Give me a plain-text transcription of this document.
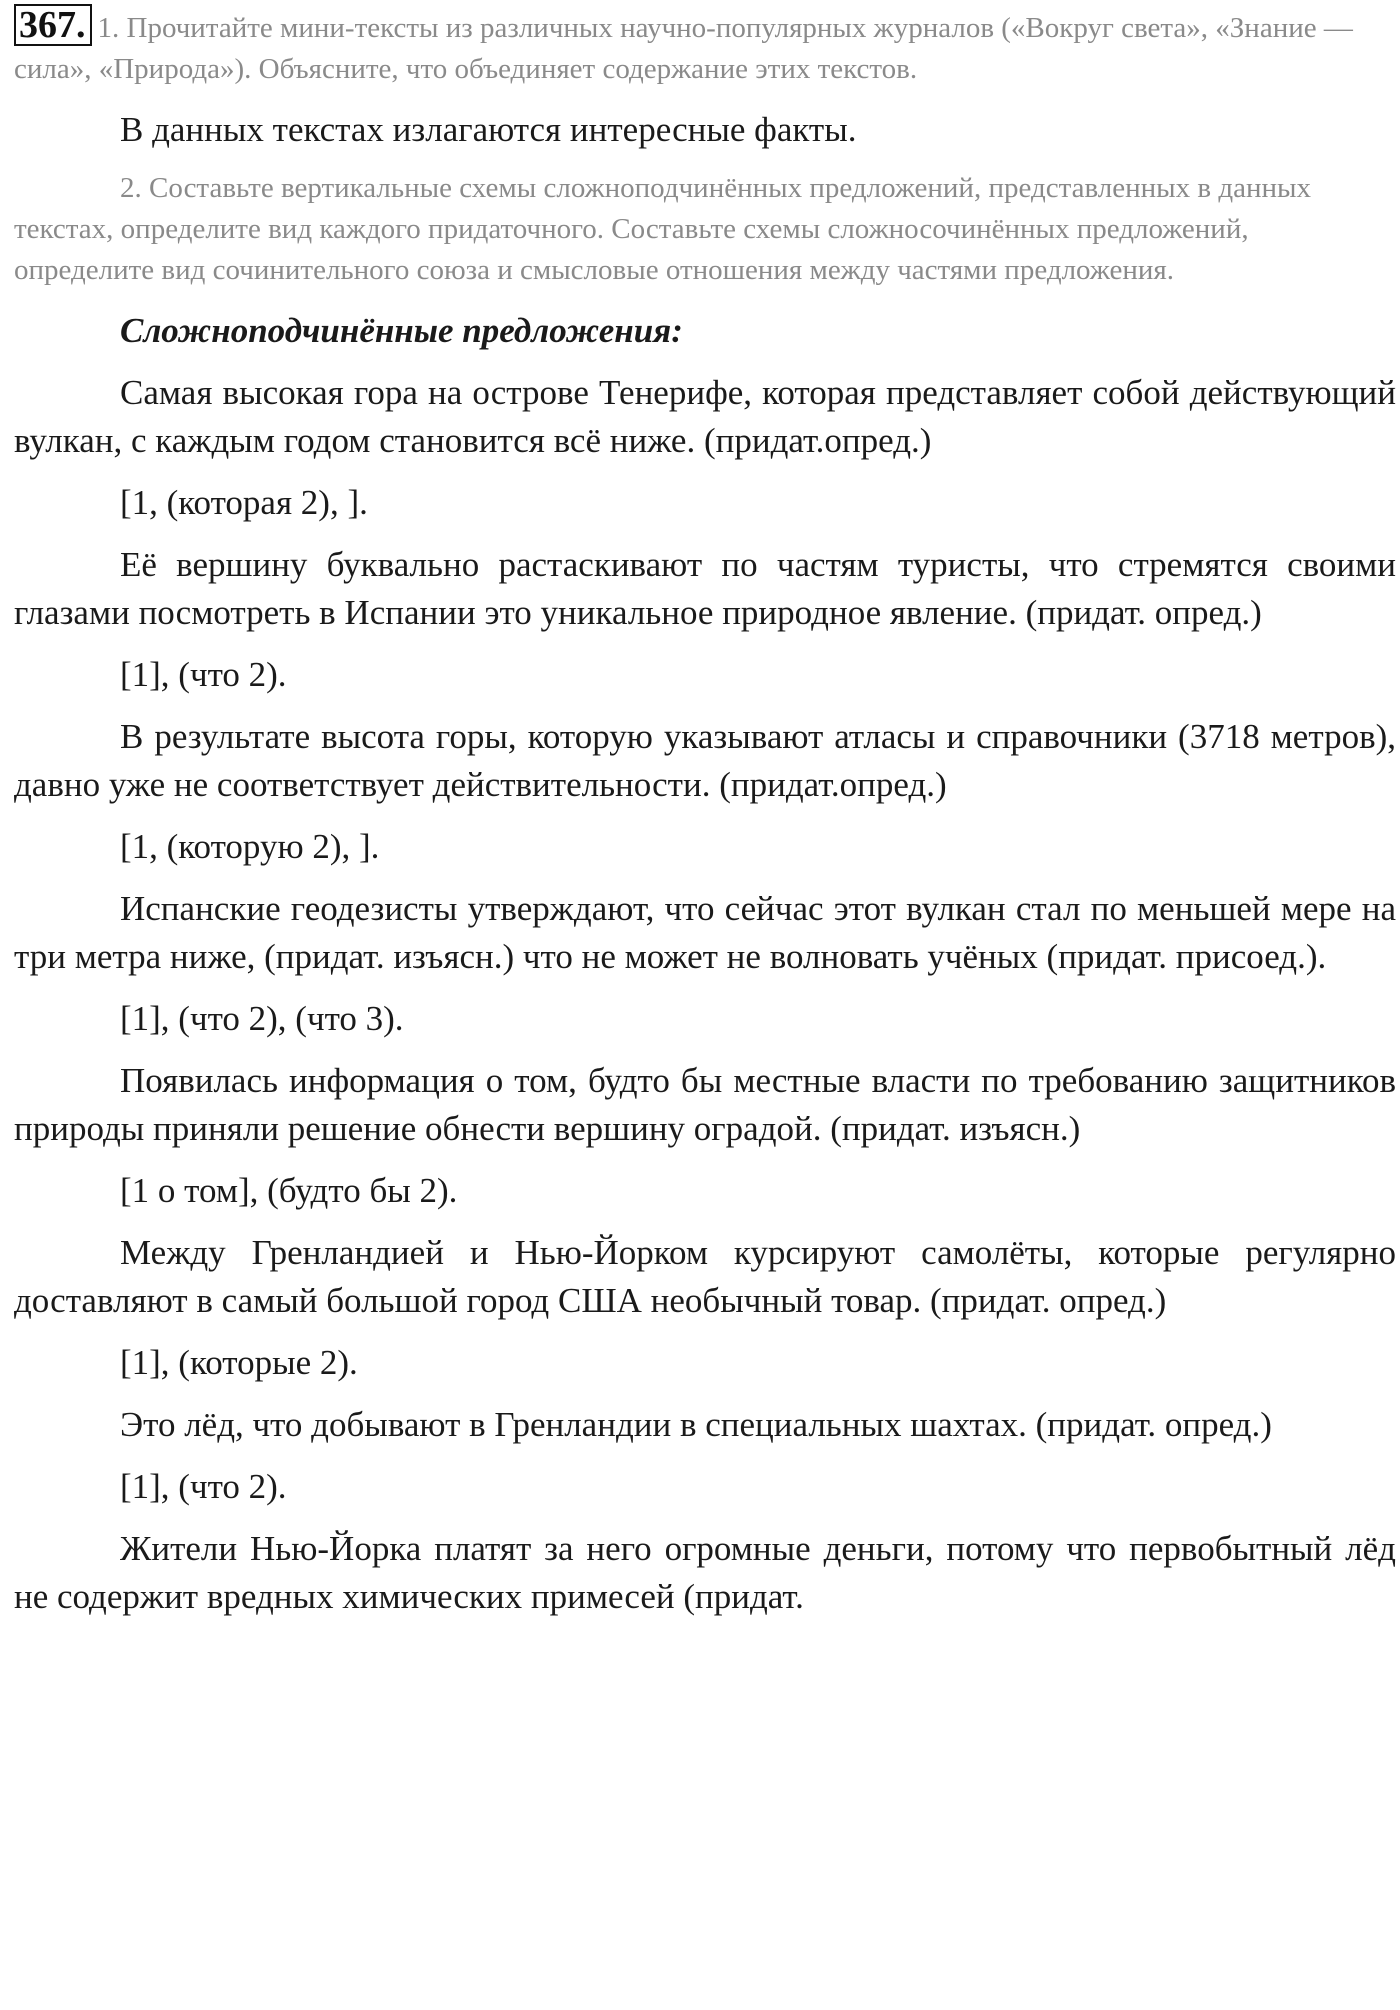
367. 1. Прочитайте мини-тексты из различных научно-популярных журналов («Вокруг света», «Знание — сила», «Природа»). Объясните, что объединяет содержание этих текстов.

В данных текстах излагаются интересные факты.

2. Составьте вертикальные схемы сложноподчинённых предложений, представленных в данных текстах, определите вид каждого придаточного. Составьте схемы сложносочинённых предложений, определите вид сочинительного союза и смысловые отношения между частями предложения.

Сложноподчинённые предложения:

Самая высокая гора на острове Тенерифе, которая представляет собой действующий вулкан, с каждым годом становится всё ниже. (придат.опред.)

[1, (которая 2), ].

Её вершину буквально растаскивают по частям туристы, что стремятся своими глазами посмотреть в Испании это уникальное природное явление. (придат. опред.)

[1], (что 2).

В результате высота горы, которую указывают атласы и справочники (3718 метров), давно уже не соответствует действительности. (придат.опред.)

[1, (которую 2), ].

Испанские геодезисты утверждают, что сейчас этот вулкан стал по меньшей мере на три метра ниже, (придат. изъясн.) что не может не волновать учёных (придат. присоед.).

[1], (что 2), (что 3).

Появилась информация о том, будто бы местные власти по требованию защитников природы приняли решение обнести вершину оградой. (придат. изъясн.)

[1 о том], (будто бы 2).

Между Гренландией и Нью-Йорком курсируют самолёты, которые регулярно доставляют в самый большой город США необычный товар. (придат. опред.)

[1], (которые 2).

Это лёд, что добывают в Гренландии в специальных шахтах. (придат. опред.)

[1], (что 2).

Жители Нью-Йорка платят за него огромные деньги, потому что первобытный лёд не содержит вредных химических примесей (придат.
